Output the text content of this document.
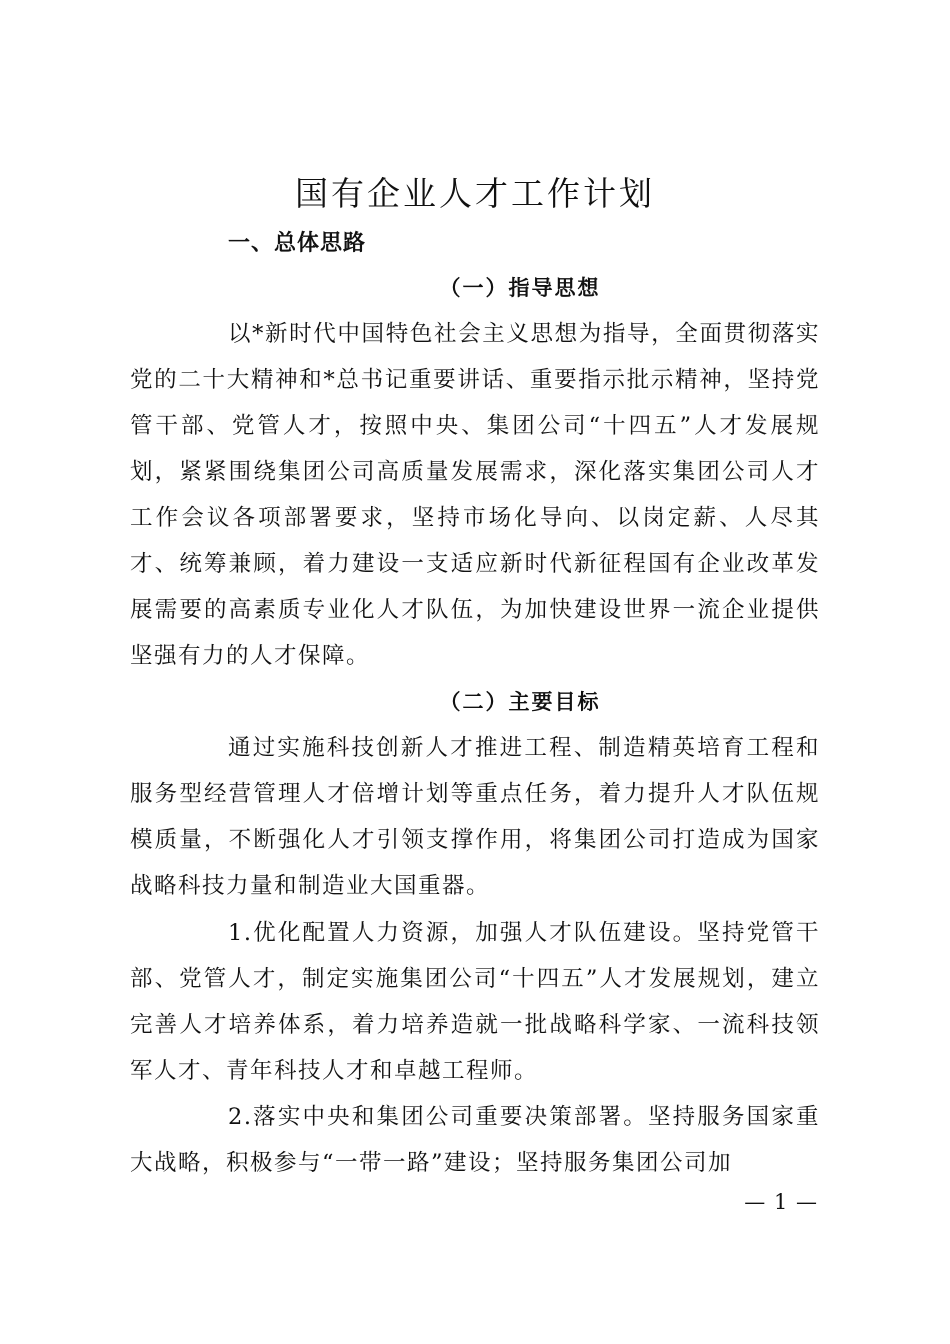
国有企业人才工作计划
一、总体思路
（一）指导思想

以*新时代中国特色社会主义思想为指导，全面贯彻落实党的二十大精神和*总书记重要讲话、重要指示批示精神，坚持党管干部、党管人才，按照中央、集团公司“十四五”人才发展规划，紧紧围绕集团公司高质量发展需求，深化落实集团公司人才工作会议各项部署要求，坚持市场化导向、以岗定薪、人尽其才、统筹兼顾，着力建设一支适应新时代新征程国有企业改革发展需要的高素质专业化人才队伍，为加快建设世界一流企业提供坚强有力的人才保障。

（二）主要目标

通过实施科技创新人才推进工程、制造精英培育工程和服务型经营管理人才倍增计划等重点任务，着力提升人才队伍规模质量，不断强化人才引领支撑作用，将集团公司打造成为国家战略科技力量和制造业大国重器。

1.优化配置人力资源，加强人才队伍建设。坚持党管干部、党管人才，制定实施集团公司“十四五”人才发展规划，建立完善人才培养体系，着力培养造就一批战略科学家、一流科技领军人才、青年科技人才和卓越工程师。

2.落实中央和集团公司重要决策部署。坚持服务国家重大战略，积极参与“一带一路”建设；坚持服务集团公司加

— 1 —
